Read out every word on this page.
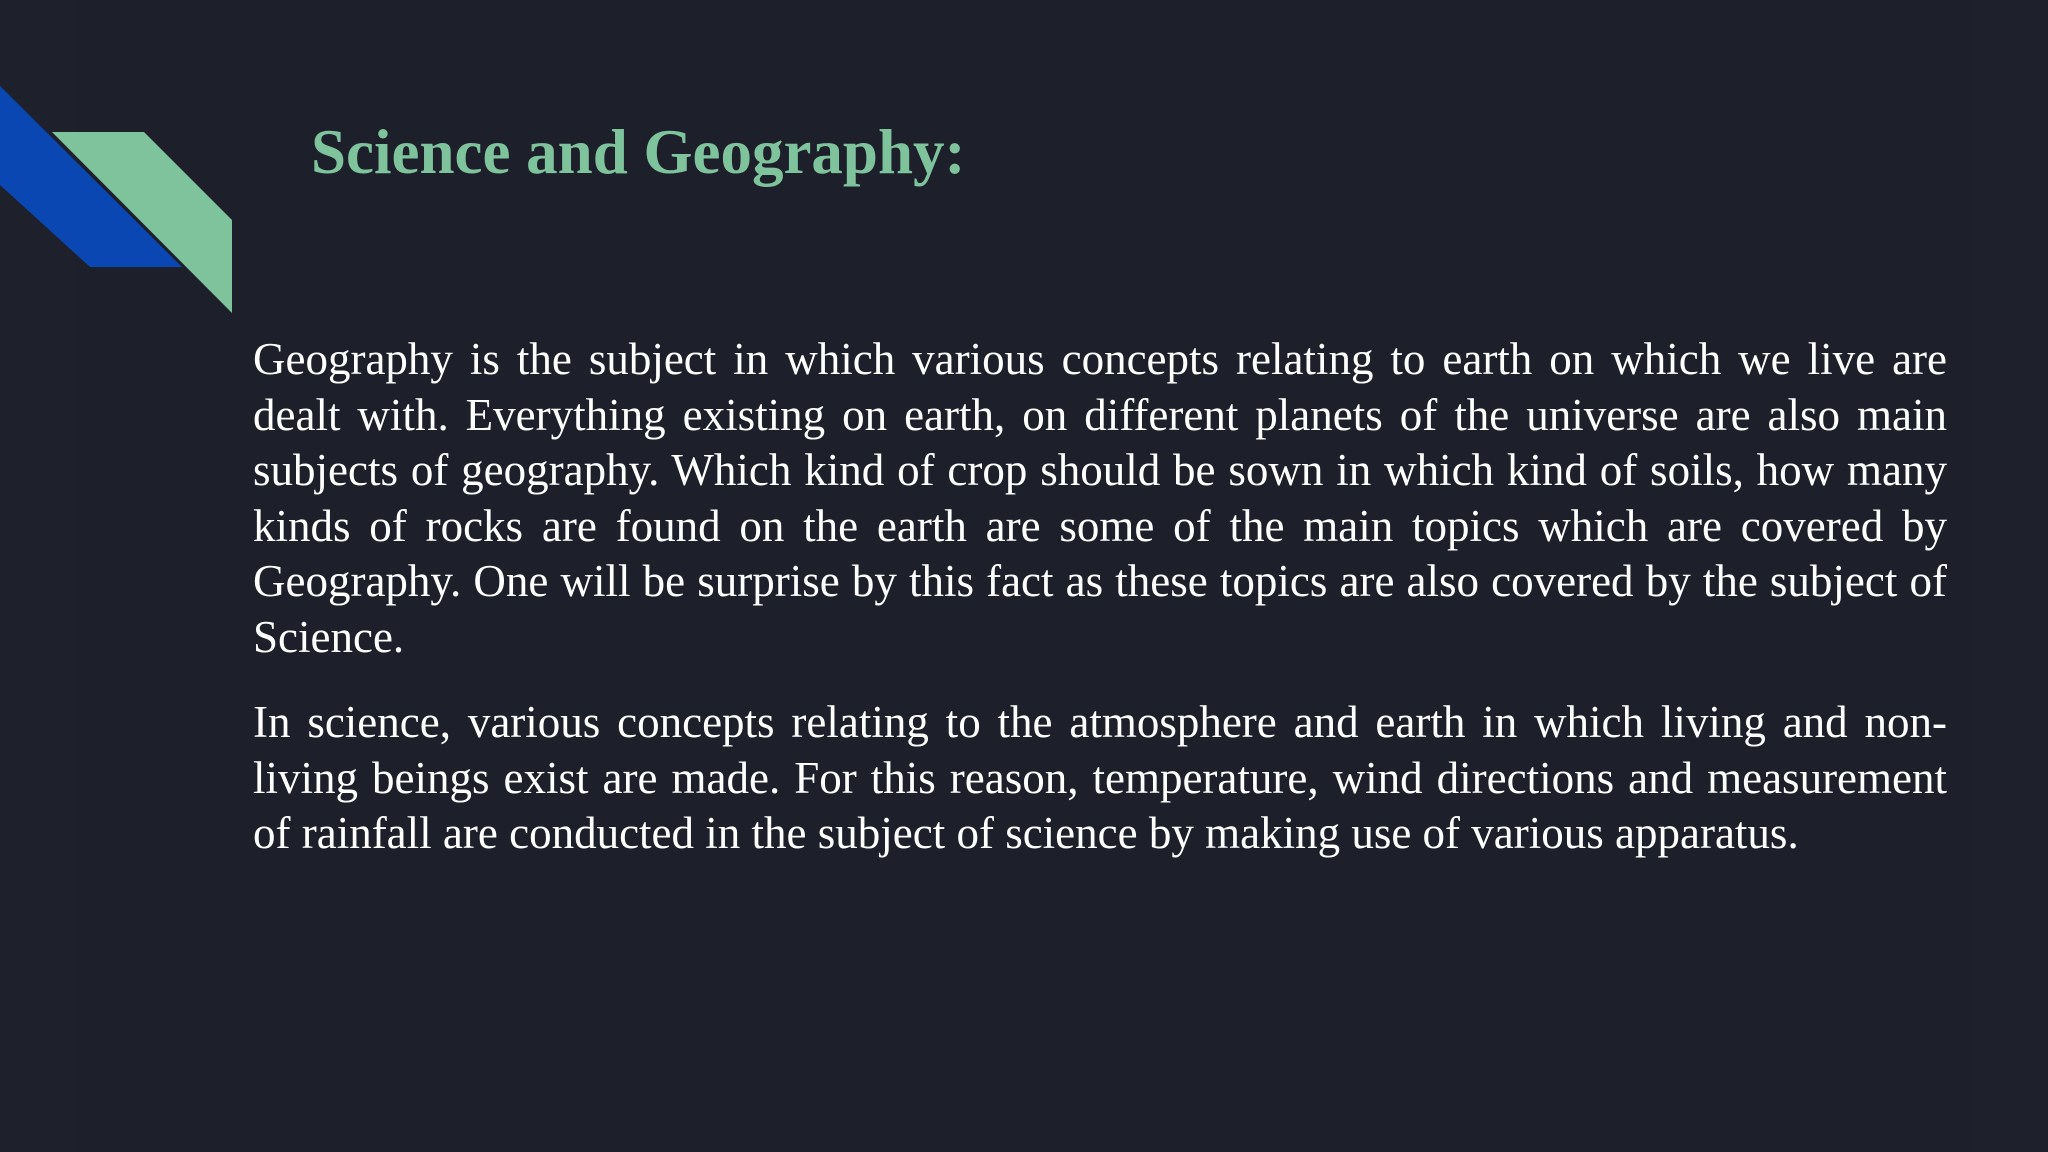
Science and Geography:

Geography is the subject in which various concepts relating to earth on which we live are dealt with. Everything existing on earth, on different planets of the universe are also main subjects of geography. Which kind of crop should be sown in which kind of soils, how many kinds of rocks are found on the earth are some of the main topics which are covered by Geography. One will be surprise by this fact as these topics are also covered by the subject of Science.

In science, various concepts relating to the atmosphere and earth in which living and non-living beings exist are made. For this reason, temperature, wind directions and measurement of rainfall are conducted in the subject of science by making use of various apparatus.
